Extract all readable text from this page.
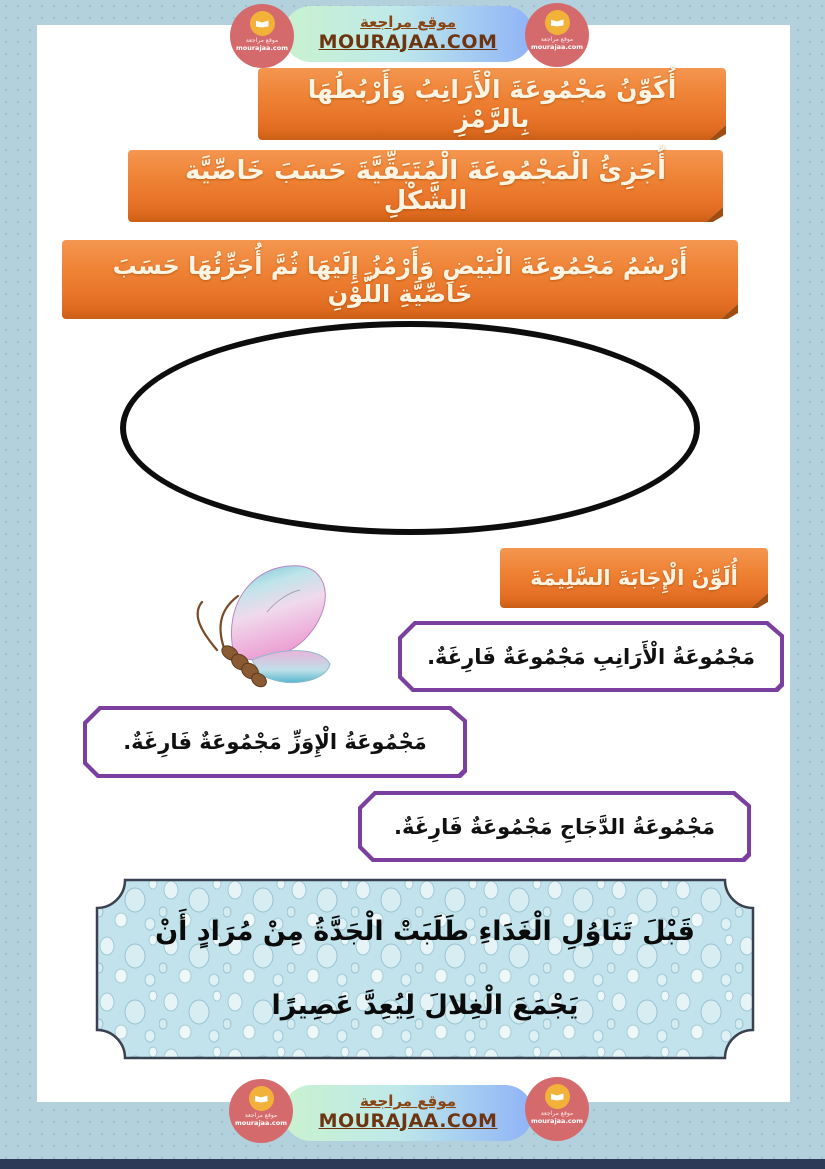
موقع مراجعة
mourajaa.com
موقع مراجعة
MOURAJAA.COM	موقع مراجعة
mourajaa.com
أُكَوِّنُ مَجْمُوعَةَ الْأَرَانِبُ وَأَرْبُطُهَا بِالرَّمْزِ
أُجَزِئُ الْمَجْمُوعَةَ الْمُتَبَقِّيَّةَ حَسَبَ خَاصِّيَّة الشَّكْلِ
أَرْسُمُ مَجْمُوعَةَ الْبَيْضِ وَأَرْمُزُ إِلَيْهَا ثُمَّ أُجَزِّئُهَا حَسَبَ خَاصِّيَّةِ اللَّوْنِ
أُلَوِّنُ الْإِجَابَةَ السَّلِيمَةَ
مَجْمُوعَةُ الْأَرَانِبِ مَجْمُوعَةٌ فَارِغَةٌ.
مَجْمُوعَةُ الْإِوَزِّ مَجْمُوعَةٌ فَارِغَةٌ.
مَجْمُوعَةُ الدَّجَاجِ مَجْمُوعَةٌ فَارِغَةٌ.
قَبْلَ تَنَاوُلِ الْغَدَاءِ طَلَبَتْ الْجَدَّةُ مِنْ مُرَادٍ أَنْ
يَجْمَعَ الْغِلالَ لِيُعِدَّ عَصِيرًا
موقع مراجعة
mourajaa.com
موقع مراجعة
MOURAJAA.COM	موقع مراجعة
mourajaa.com
